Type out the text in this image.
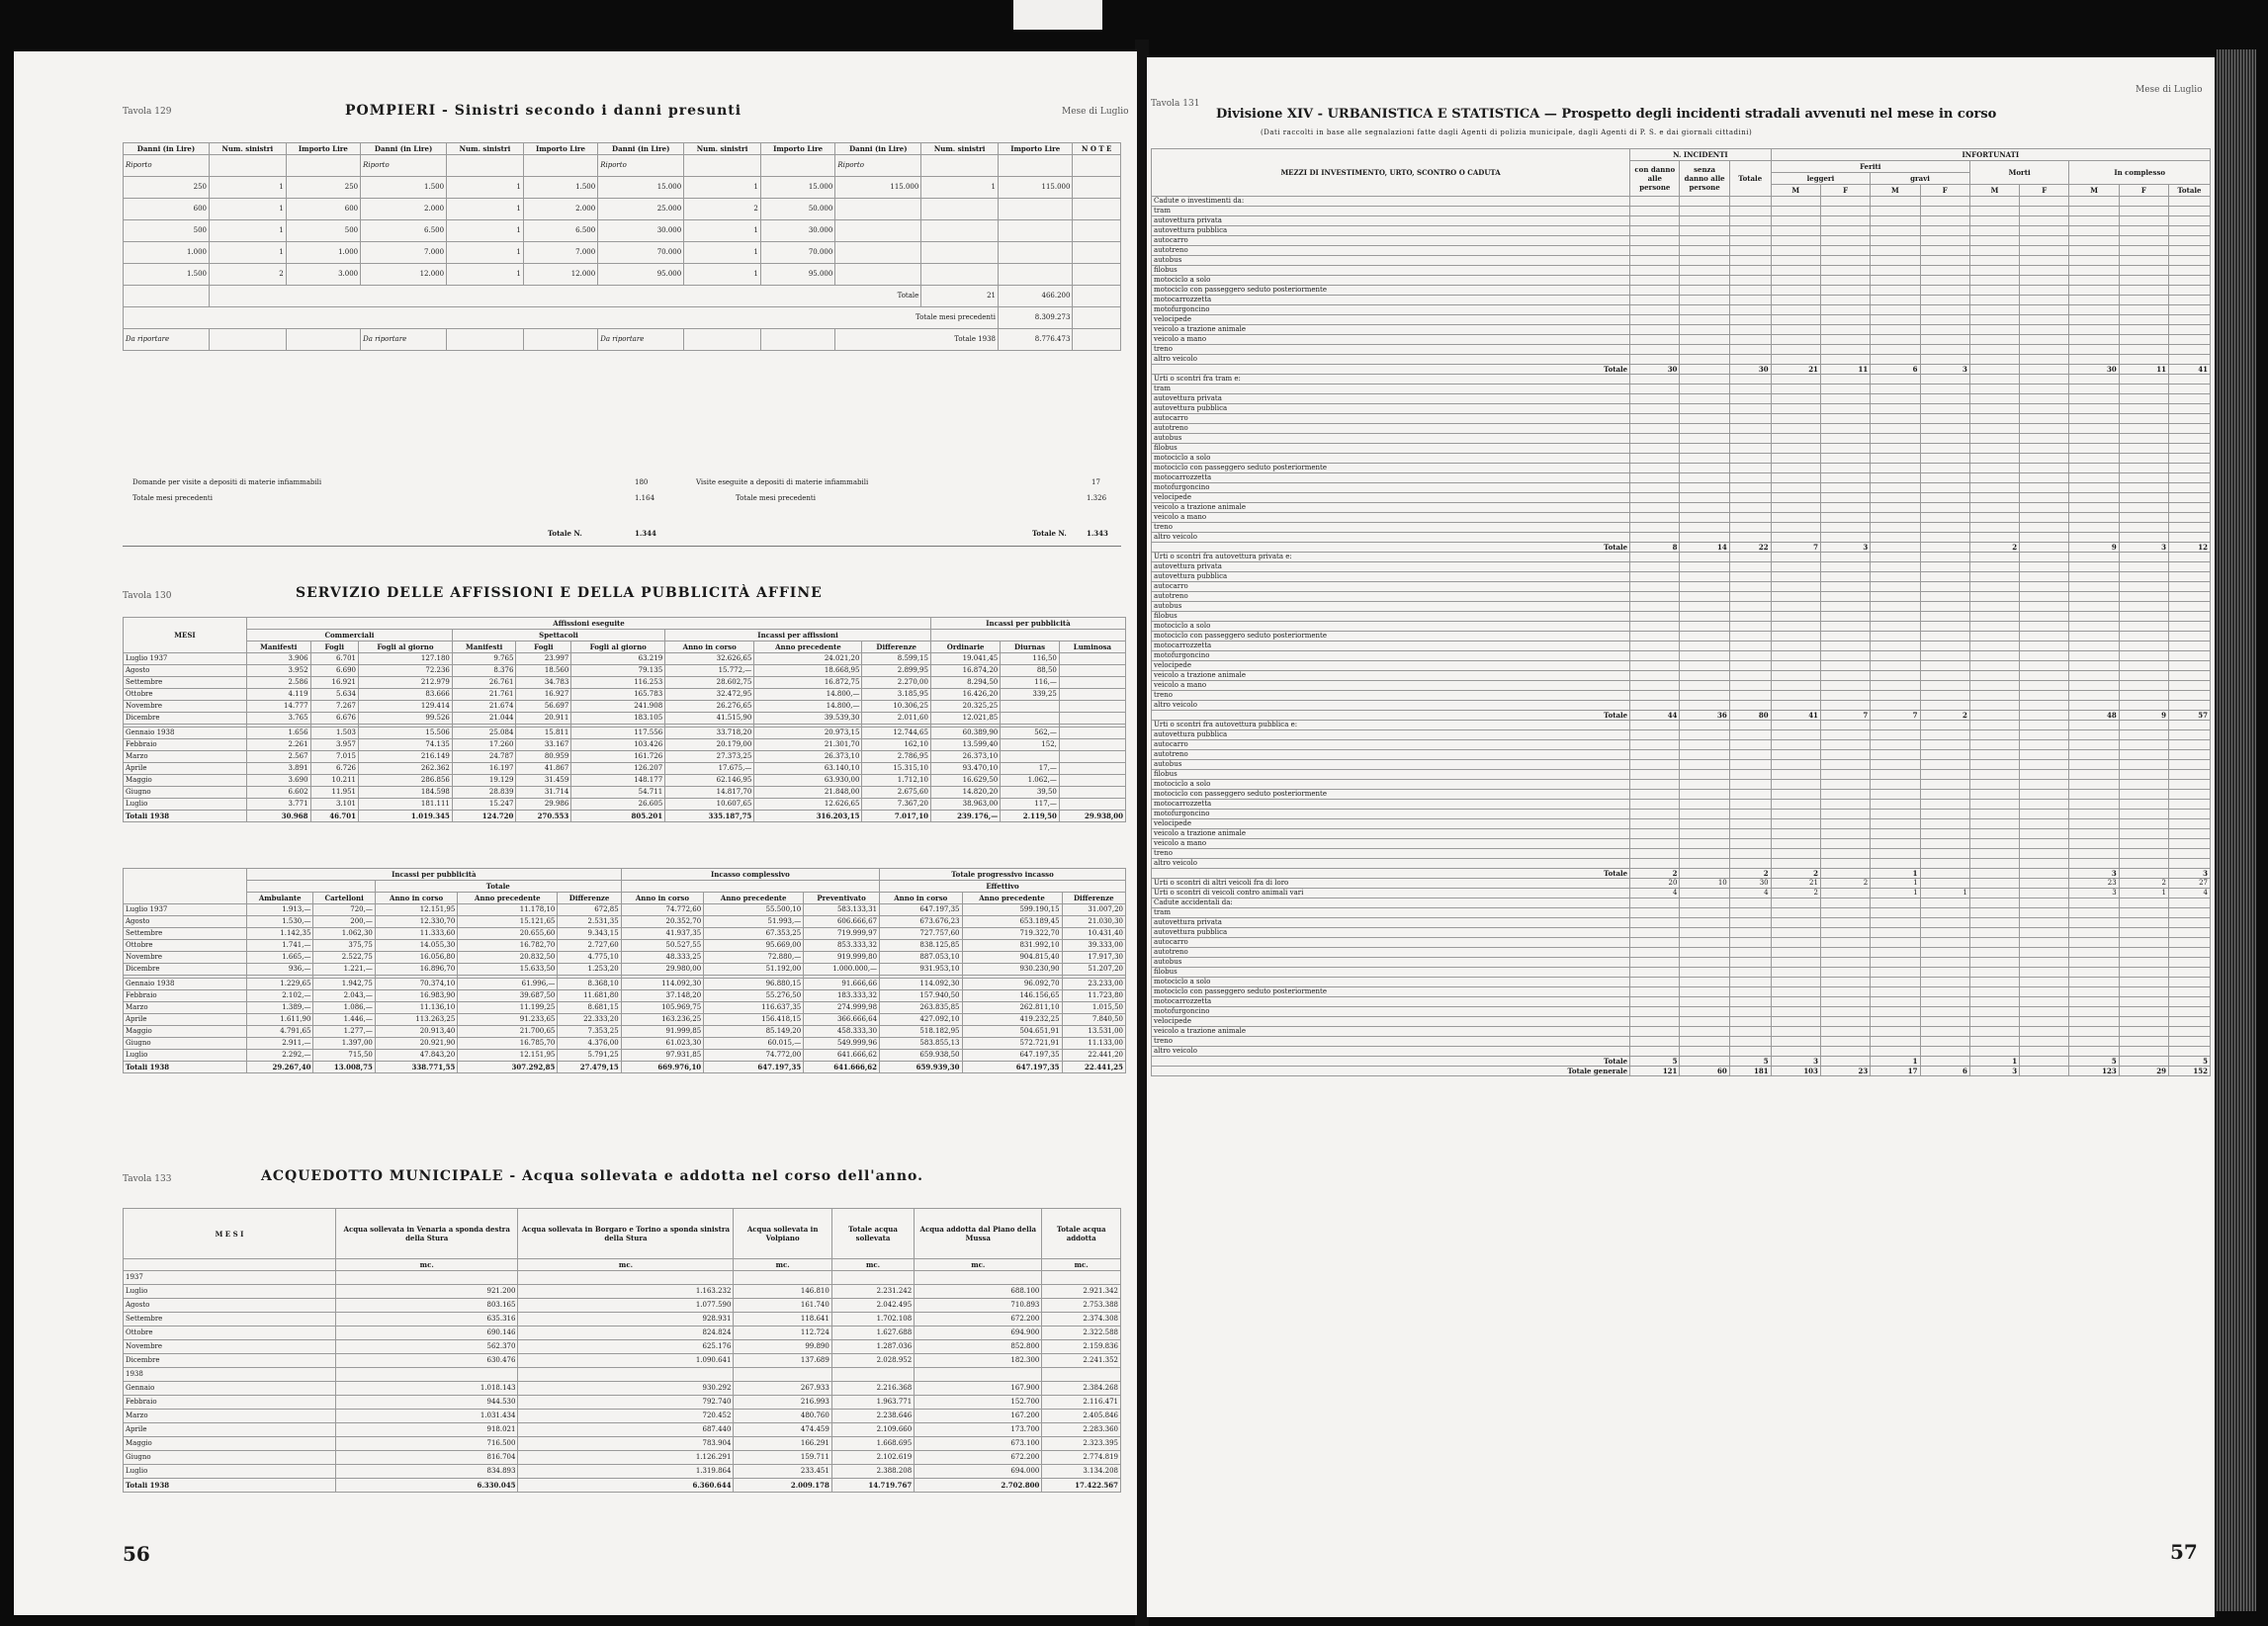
Tavola 129	POMPIERI - Sinistri secondo i danni presunti	Mese di Luglio
Danni (in Lire)	Num. sinistri	Importo Lire	Danni (in Lire)	Num. sinistri	Importo Lire	Danni (in Lire)	Num. sinistri	Importo Lire	Danni (in Lire)	Num. sinistri	Importo Lire	N O T E
Riporto			Riporto			Riporto			Riporto			
250	1	250	1.500	1	1.500	15.000	1	15.000	115.000	1	115.000	
600	1	600	2.000	1	2.000	25.000	2	50.000				
500	1	500	6.500	1	6.500	30.000	1	30.000				
1.000	1	1.000	7.000	1	7.000	70.000	1	70.000				
1.500	2	3.000	12.000	1	12.000	95.000	1	95.000				
	Totale									21	466.200	
Totale mesi precedenti											8.309.273	
Da riportare			Da riportare			Da riportare			Totale 1938		8.776.473	
Domande per visite a depositi di materie infiammabili	180
Totale mesi precedenti	1.164
Totale N.	1.344
Visite eseguite a depositi di materie infiammabili	17
Totale mesi precedenti	1.326
Totale N.	1.343
Tavola 130	SERVIZIO DELLE AFFISSIONI E DELLA PUBBLICITÀ AFFINE
MESI	Affissioni eseguite									Incassi per pubblicità		
	Commerciali			Spettacoli			Incassi per affissioni					
	Manifesti	Fogli	Fogli al giorno	Manifesti	Fogli	Fogli al giorno	Anno in corso	Anno precedente	Differenze	Ordinarie	Diurnas	Luminosa
Luglio 1937	3.906	6.701	127.180	9.765	23.997	63.219	32.626,65	24.021,20	8.599,15	19.041,45	116,50	
Agosto	3.952	6.690	72.236	8.376	18.560	79.135	15.772,—	18.668,95	2.899,95	16.874,20	88,50	
Settembre	2.586	16.921	212.979	26.761	34.783	116.253	28.602,75	16.872,75	2.270,00	8.294,50	116,—	
Ottobre	4.119	5.634	83.666	21.761	16.927	165.783	32.472,95	14.800,—	3.185,95	16.426,20	339,25	
Novembre	14.777	7.267	129.414	21.674	56.697	241.908	26.276,65	14.800,—	10.306,25	20.325,25		
Dicembre	3.765	6.676	99.526	21.044	20.911	183.105	41.515,90	39.539,30	2.011,60	12.021,85		

Gennaio 1938	1.656	1.503	15.506	25.084	15.811	117.556	33.718,20	20.973,15	12.744,65	60.389,90	562,—	
Febbraio	2.261	3.957	74.135	17.260	33.167	103.426	20.179,00	21.301,70	162,10	13.599,40	152,	
Marzo	2.567	7.015	216.149	24.787	80.959	161.726	27.373,25	26.373,10	2.786,95	26.373,10		
Aprile	3.891	6.726	262.362	16.197	41.867	126.207	17.675,—	63.140,10	15.315,10	93.470,10	17,—	
Maggio	3.690	10.211	286.856	19.129	31.459	148.177	62.146,95	63.930,00	1.712,10	16.629,50	1.062,—	
Giugno	6.602	11.951	184.598	28.839	31.714	54.711	14.817,70	21.848,00	2.675,60	14.820,20	39,50	
Luglio	3.771	3.101	181.111	15.247	29.986	26.605	10.607,65	12.626,65	7.367,20	38.963,00	117,—	
Totali 1938	30.968	46.701	1.019.345	124.720	270.553	805.201	335.187,75	316.203,15	7.017,10	239.176,—	2.119,50	29.938,00
	Incassi per pubblicità					Incasso complessivo			Totale progressivo incasso		
			Totale						Effettivo		
	Ambulante	Cartelloni	Anno in corso	Anno precedente	Differenze	Anno in corso	Anno precedente	Preventivato	Anno in corso	Anno precedente	Differenze
Luglio 1937	1.913,—	720,—	12.151,95	11.178,10	672,85	74.772,60	55.500,10	583.133,31	647.197,35	599.190,15	31.007,20
Agosto	1.530,—	200,—	12.330,70	15.121,65	2.531,35	20.352,70	51.993,—	606.666,67	673.676,23	653.189,45	21.030,30
Settembre	1.142,35	1.062,30	11.333,60	20.655,60	9.343,15	41.937,35	67.353,25	719.999,97	727.757,60	719.322,70	10.431,40
Ottobre	1.741,—	375,75	14.055,30	16.782,70	2.727,60	50.527,55	95.669,00	853.333,32	838.125,85	831.992,10	39.333,00
Novembre	1.665,—	2.522,75	16.056,80	20.832,50	4.775,10	48.333,25	72.880,—	919.999,80	887.053,10	904.815,40	17.917,30
Dicembre	936,—	1.221,—	16.896,70	15.633,50	1.253,20	29.980,00	51.192,00	1.000.000,—	931.953,10	930.230,90	51.207,20

Gennaio 1938	1.229,65	1.942,75	70.374,10	61.996,—	8.368,10	114.092,30	96.880,15	91.666,66	114.092,30	96.092,70	23.233,00
Febbraio	2.102,—	2.043,—	16.983,90	39.687,50	11.681,80	37.148,20	55.276,50	183.333,32	157.940,50	146.156,65	11.723,80
Marzo	1.389,—	1.086,—	11.136,10	11.199,25	8.681,15	105.969,75	116.637,35	274.999,98	263.835,85	262.811,10	1.015,50
Aprile	1.611,90	1.446,—	113.263,25	91.233,65	22.333,20	163.236,25	156.418,15	366.666,64	427.092,10	419.232,25	7.840,50
Maggio	4.791,65	1.277,—	20.913,40	21.700,65	7.353,25	91.999,85	85.149,20	458.333,30	518.182,95	504.651,91	13.531,00
Giugno	2.911,—	1.397,00	20.921,90	16.785,70	4.376,00	61.023,30	60.015,—	549.999,96	583.855,13	572.721,91	11.133,00
Luglio	2.292,—	715,50	47.843,20	12.151,95	5.791,25	97.931,85	74.772,00	641.666,62	659.938,50	647.197,35	22.441,20
Totali 1938	29.267,40	13.008,75	338.771,55	307.292,85	27.479,15	669.976,10	647.197,35	641.666,62	659.939,30	647.197,35	22.441,25
Tavola 133	ACQUEDOTTO MUNICIPALE - Acqua sollevata e addotta nel corso dell'anno.
M E S I	Acqua sollevata in Venaria a sponda destra della Stura	Acqua sollevata in Borgaro e Torino a sponda sinistra della Stura	Acqua sollevata in Volpiano	Totale acqua sollevata	Acqua addotta dal Piano della Mussa	Totale acqua addotta
	mc.	mc.	mc.	mc.	mc.	mc.
1937						
Luglio	921.200	1.163.232	146.810	2.231.242	688.100	2.921.342
Agosto	803.165	1.077.590	161.740	2.042.495	710.893	2.753.388
Settembre	635.316	928.931	118.641	1.702.108	672.200	2.374.308
Ottobre	690.146	824.824	112.724	1.627.688	694.900	2.322.588
Novembre	562.370	625.176	99.890	1.287.036	852.800	2.159.836
Dicembre	630.476	1.090.641	137.689	2.028.952	182.300	2.241.352
1938						
Gennaio	1.018.143	930.292	267.933	2.216.368	167.900	2.384.268
Febbraio	944.530	792.740	216.993	1.963.771	152.700	2.116.471
Marzo	1.031.434	720.452	480.760	2.238.646	167.200	2.405.846
Aprile	918.021	687.440	474.459	2.109.660	173.700	2.283.360
Maggio	716.500	783.904	166.291	1.668.695	673.100	2.323.395
Giugno	816.704	1.126.291	159.711	2.102.619	672.200	2.774.819
Luglio	834.893	1.319.864	233.451	2.388.208	694.000	3.134.208
Totali 1938	6.330.045	6.360.644	2.009.178	14.719.767	2.702.800	17.422.567
56
Tavola 131
Mese di Luglio
Divisione XIV - URBANISTICA E STATISTICA — Prospetto degli incidenti stradali avvenuti nel mese in corso
(Dati raccolti in base alle segnalazioni fatte dagli Agenti di polizia municipale, dagli Agenti di P. S. e dai giornali cittadini)
MEZZI DI INVESTIMENTO, URTO, SCONTRO O CADUTA	N. INCIDENTI			INFORTUNATI								
	con danno alle persone	senza danno alle persone	Totale	Feriti				Morti		In complesso		
				leggeri		gravi						
				M	F	M	F	M	F	M	F	Totale
Cadute o investimenti da:												
tram												
autovettura privata												
autovettura pubblica												
autocarro												
autotreno												
autobus												
filobus												
motociclo a solo												
motociclo con passeggero seduto posteriormente												
motocarrozzetta												
motofurgoncino												
velocipede												
veicolo a trazione animale												
veicolo a mano												
treno												
altro veicolo												
Totale	30		30	21	11	6	3			30	11	41
Urti o scontri fra tram e:												
tram												
autovettura privata												
autovettura pubblica												
autocarro												
autotreno												
autobus												
filobus												
motociclo a solo												
motociclo con passeggero seduto posteriormente												
motocarrozzetta												
motofurgoncino												
velocipede												
veicolo a trazione animale												
veicolo a mano												
treno												
altro veicolo												
Totale	8	14	22	7	3			2		9	3	12
Urti o scontri fra autovettura privata e:												
autovettura privata												
autovettura pubblica												
autocarro												
autotreno												
autobus												
filobus												
motociclo a solo												
motociclo con passeggero seduto posteriormente												
motocarrozzetta												
motofurgoncino												
velocipede												
veicolo a trazione animale												
veicolo a mano												
treno												
altro veicolo												
Totale	44	36	80	41	7	7	2			48	9	57
Urti o scontri fra autovettura pubblica e:												
autovettura pubblica												
autocarro												
autotreno												
autobus												
filobus												
motociclo a solo												
motociclo con passeggero seduto posteriormente												
motocarrozzetta												
motofurgoncino												
velocipede												
veicolo a trazione animale												
veicolo a mano												
treno												
altro veicolo												
Totale	2		2	2		1				3		3
Urti o scontri di altri veicoli fra di loro	20	10	30	21	2	1				23	2	27
Urti o scontri di veicoli contro animali vari	4		4	2		1	1			3	1	4
Cadute accidentali da:												
tram												
autovettura privata												
autovettura pubblica												
autocarro												
autotreno												
autobus												
filobus												
motociclo a solo												
motociclo con passeggero seduto posteriormente												
motocarrozzetta												
motofurgoncino												
velocipede												
veicolo a trazione animale												
treno												
altro veicolo												
Totale	5		5	3		1		1		5		5
Totale generale	121	60	181	103	23	17	6	3		123	29	152
57
